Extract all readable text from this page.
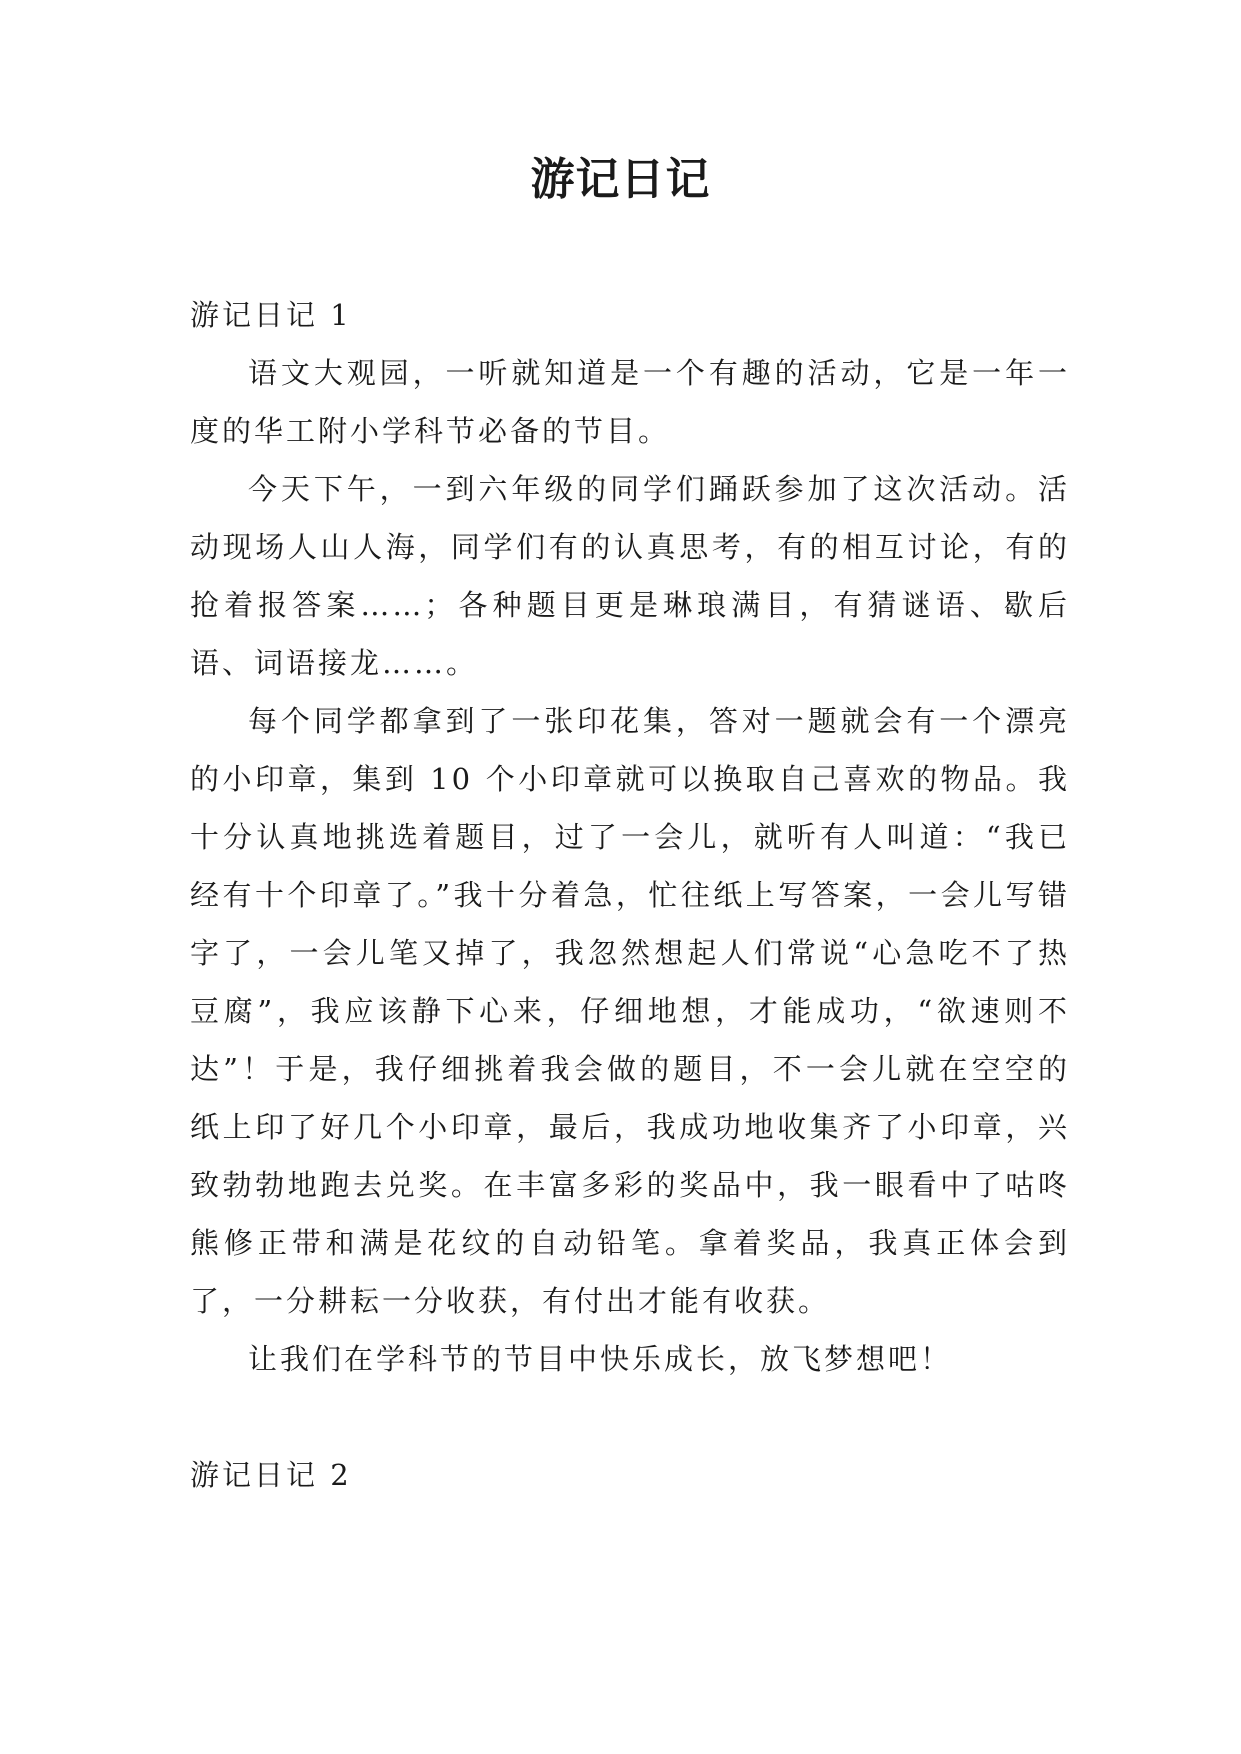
游记日记

游记日记 1

语文大观园，一听就知道是一个有趣的活动，它是一年一度的华工附小学科节必备的节目。

今天下午，一到六年级的同学们踊跃参加了这次活动。活动现场人山人海，同学们有的认真思考，有的相互讨论，有的抢着报答案……；各种题目更是琳琅满目，有猜谜语、歇后语、词语接龙……。

每个同学都拿到了一张印花集，答对一题就会有一个漂亮的小印章，集到 10 个小印章就可以换取自己喜欢的物品。我十分认真地挑选着题目，过了一会儿，就听有人叫道：“我已经有十个印章了。”我十分着急，忙往纸上写答案，一会儿写错字了，一会儿笔又掉了，我忽然想起人们常说“心急吃不了热豆腐”，我应该静下心来，仔细地想，才能成功，“欲速则不达”！于是，我仔细挑着我会做的题目，不一会儿就在空空的纸上印了好几个小印章，最后，我成功地收集齐了小印章，兴致勃勃地跑去兑奖。在丰富多彩的奖品中，我一眼看中了咕咚熊修正带和满是花纹的自动铅笔。拿着奖品，我真正体会到了，一分耕耘一分收获，有付出才能有收获。

让我们在学科节的节目中快乐成长，放飞梦想吧！

游记日记 2
